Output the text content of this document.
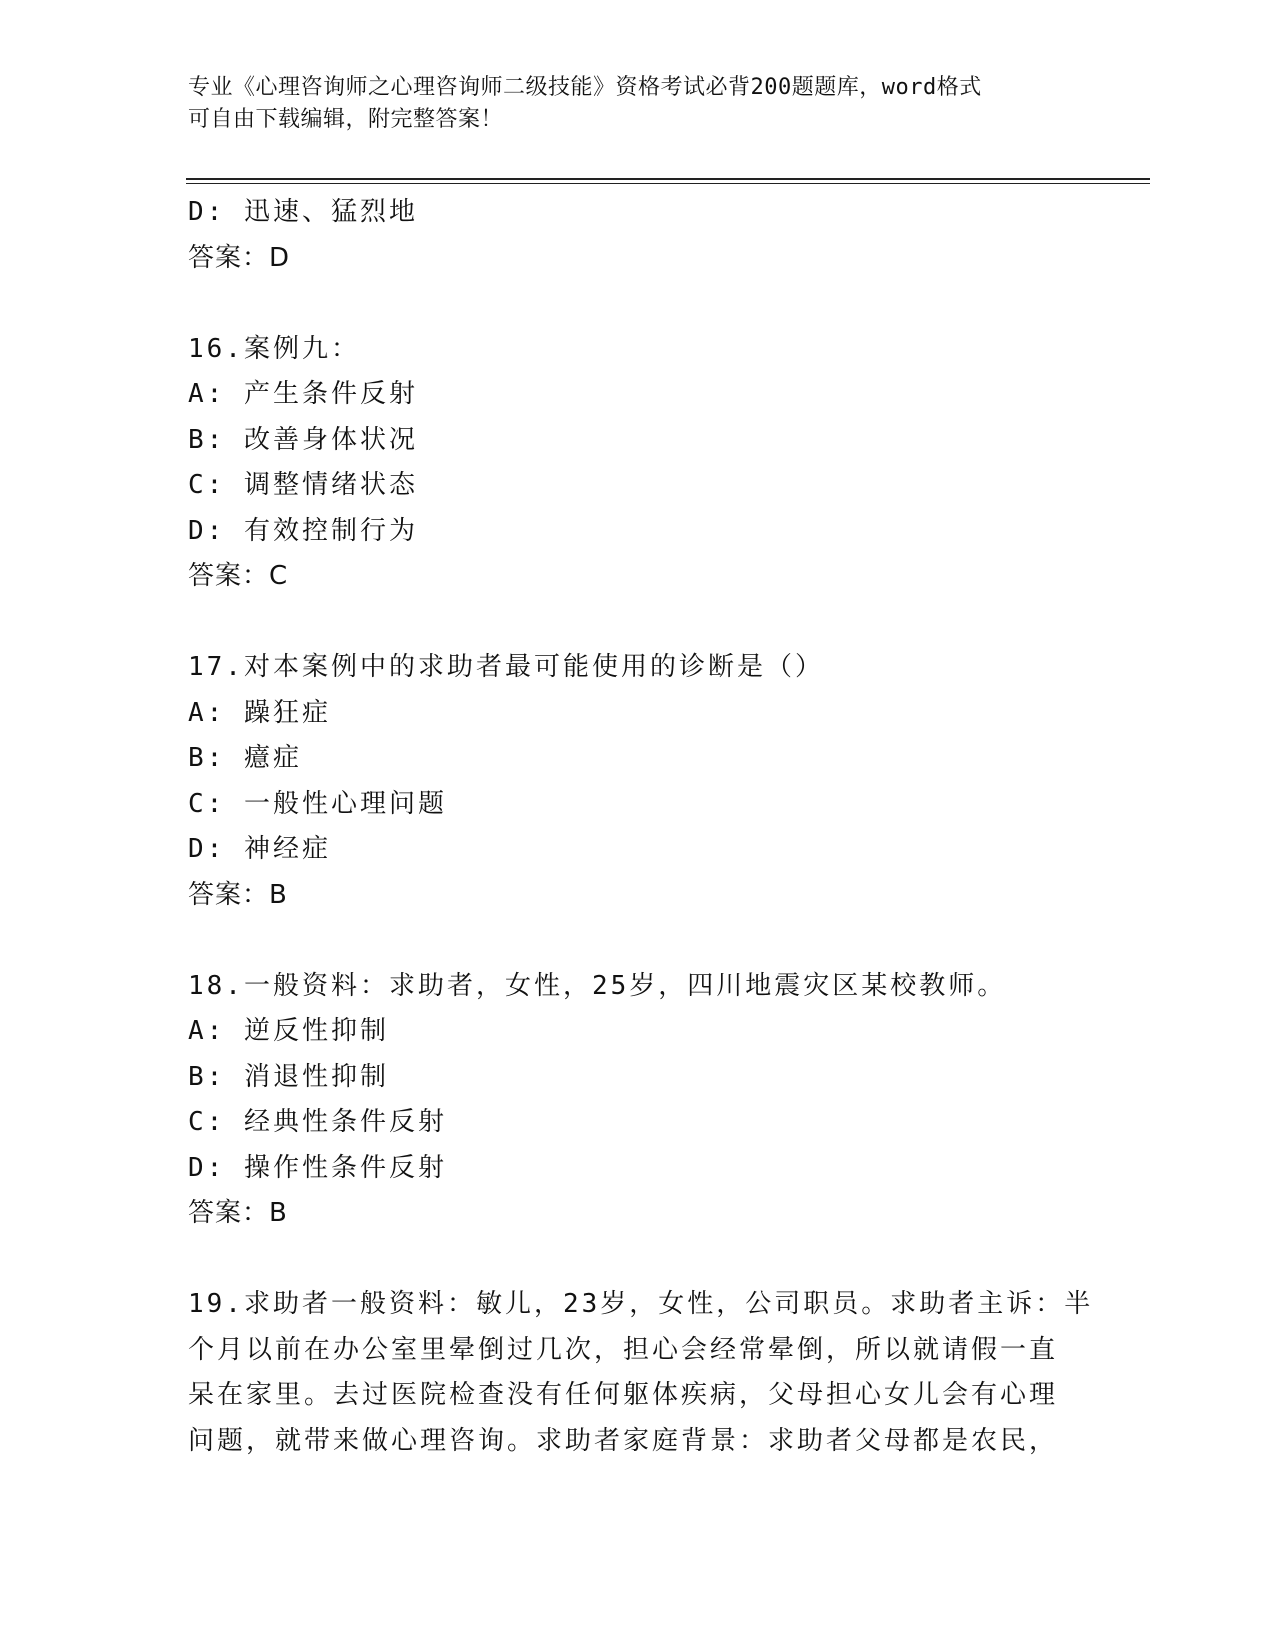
专业《心理咨询师之心理咨询师二级技能》资格考试必背200题题库，word格式
可自由下载编辑，附完整答案！
D: 迅速、猛烈地
答案：D
16.案例九：
A: 产生条件反射
B: 改善身体状况
C: 调整情绪状态
D: 有效控制行为
答案：C
17.对本案例中的求助者最可能使用的诊断是（）
A: 躁狂症
B: 癔症
C: 一般性心理问题
D: 神经症
答案：B
18.一般资料：求助者，女性，25岁，四川地震灾区某校教师。
A: 逆反性抑制
B: 消退性抑制
C: 经典性条件反射
D: 操作性条件反射
答案：B
19.求助者一般资料：敏儿，23岁，女性，公司职员。求助者主诉：半
个月以前在办公室里晕倒过几次，担心会经常晕倒，所以就请假一直
呆在家里。去过医院检查没有任何躯体疾病，父母担心女儿会有心理
问题，就带来做心理咨询。求助者家庭背景：求助者父母都是农民，
